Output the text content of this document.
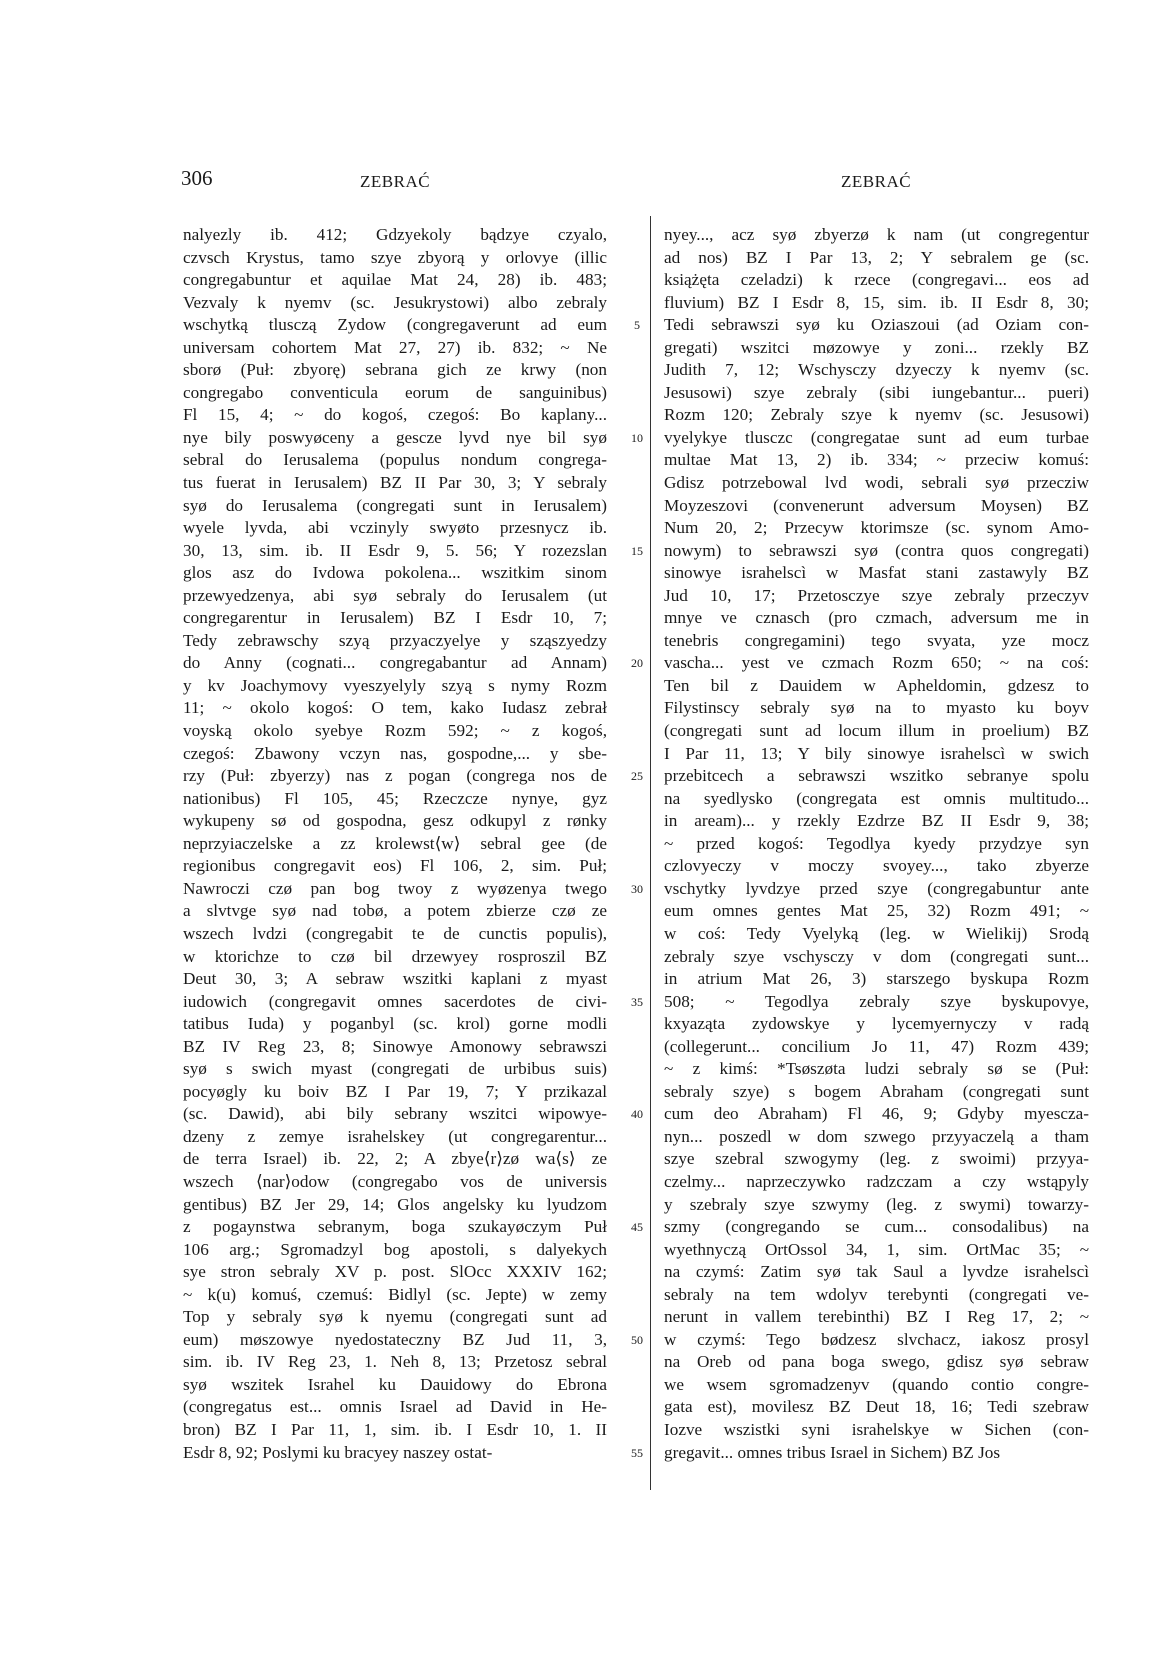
306	ZEBRAĆ	ZEBRAĆ
nalyezly ib. 412; Gdzyekoly bądzye czyalo,
czvsch Krystus, tamo szye zbyorą y orlovye (illic
congregabuntur et aquilae Mat 24, 28) ib. 483;
Vezvaly k nyemv (sc. Jesukrystowi) albo zebraly
wschytką tlusczą Zydow (congregaverunt ad eum
universam cohortem Mat 27, 27) ib. 832; ~ Ne
sborø (Puł: zbyorę) sebrana gich ze krwy (non
congregabo conventicula eorum de sanguinibus)
Fl 15, 4; ~ do kogoś, czegoś: Bo kaplany...
nye bily poswyøceny a gescze lyvd nye bil syø
sebral do Ierusalema (populus nondum congrega-
tus fuerat in Ierusalem) BZ II Par 30, 3; Y sebraly
syø do Ierusalema (congregati sunt in Ierusalem)
wyele lyvda, abi vczinyly swyøto przesnycz ib.
30, 13, sim. ib. II Esdr 9, 5. 56; Y rozezslan
glos asz do Ivdowa pokolena... wszitkim sinom
przewyedzenya, abi syø sebraly do Ierusalem (ut
congregarentur in Ierusalem) BZ I Esdr 10, 7;
Tedy zebrawschy szyą przyaczyelye y sząszyedzy
do Anny (cognati... congregabantur ad Annam)
y kv Joachymovy vyeszyelyly szyą s nymy Rozm
11; ~ okolo kogoś: O tem, kako Iudasz zebrał
voyską okolo syebye Rozm 592; ~ z kogoś,
czegoś: Zbawony vczyn nas, gospodne,... y sbe-
rzy (Puł: zbyerzy) nas z pogan (congrega nos de
nationibus) Fl 105, 45; Rzeczcze nynye, gyz
wykupeny sø od gospodna, gesz odkupyl z rønky
neprzyiaczelske a zz krolewst⟨w⟩ sebral gee (de
regionibus congregavit eos) Fl 106, 2, sim. Puł;
Nawroczi czø pan bog twoy z wyøzenya twego
a slvtvge syø nad tobø, a potem zbierze czø ze
wszech lvdzi (congregabit te de cunctis populis),
w ktorichze to czø bil drzewyey rosproszil BZ
Deut 30, 3; A sebraw wszitki kaplani z myast
iudowich (congregavit omnes sacerdotes de civi-
tatibus Iuda) y poganbyl (sc. krol) gorne modli
BZ IV Reg 23, 8; Sinowye Amonowy sebrawszi
syø s swich myast (congregati de urbibus suis)
pocyøgly ku boiv BZ I Par 19, 7; Y przikazal
(sc. Dawid), abi bily sebrany wszitci wipowye-
dzeny z zemye israhelskey (ut congregarentur...
de terra Israel) ib. 22, 2; A zbye⟨r⟩zø wa⟨s⟩ ze
wszech ⟨nar⟩odow (congregabo vos de universis
gentibus) BZ Jer 29, 14; Glos angelsky ku lyudzom
z pogaynstwa sebranym, boga szukayøczym Puł
106 arg.; Sgromadzyl bog apostoli, s dalyekych
sye stron sebraly XV p. post. SlOcc XXXIV 162;
~ k(u) komuś, czemuś: Bidlyl (sc. Jepte) w zemy
Top y sebraly syø k nyemu (congregati sunt ad
eum) møszowye nyedostateczny BZ Jud 11, 3,
sim. ib. IV Reg 23, 1. Neh 8, 13; Przetosz sebral
syø wszitek Israhel ku Dauidowy do Ebrona
(congregatus est... omnis Israel ad David in He-
bron) BZ I Par 11, 1, sim. ib. I Esdr 10, 1. II
Esdr 8, 92; Poslymi ku bracyey naszey ostat-
5
10
15
20
25
30
35
40
45
50
55
nyey..., acz syø zbyerzø k nam (ut congregentur
ad nos) BZ I Par 13, 2; Y sebralem ge (sc.
książęta czeladzi) k rzece (congregavi... eos ad
fluvium) BZ I Esdr 8, 15, sim. ib. II Esdr 8, 30;
Tedi sebrawszi syø ku Oziaszoui (ad Oziam con-
gregati) wszitci møzowye y zoni... rzekly BZ
Judith 7, 12; Wschysczy dzyeczy k nyemv (sc.
Jesusowi) szye zebraly (sibi iungebantur... pueri)
Rozm 120; Zebraly szye k nyemv (sc. Jesusowi)
vyelykye tlusczc (congregatae sunt ad eum turbae
multae Mat 13, 2) ib. 334; ~ przeciw komuś:
Gdisz potrzebowal lvd wodi, sebrali syø przecziw
Moyzeszovi (convenerunt adversum Moysen) BZ
Num 20, 2; Przecyw ktorimsze (sc. synom Amo-
nowym) to sebrawszi syø (contra quos congregati)
sinowye israhelscì w Masfat stani zastawyly BZ
Jud 10, 17; Przetosczye szye zebraly przeczyv
mnye ve cznasch (pro czmach, adversum me in
tenebris congregamini) tego svyata, yze mocz
vascha... yest ve czmach Rozm 650; ~ na coś:
Ten bil z Dauidem w Apheldomin, gdzesz to
Filystinscy sebraly syø na to myasto ku boyv
(congregati sunt ad locum illum in proelium) BZ
I Par 11, 13; Y bily sinowye israhelscì w swich
przebitcech a sebrawszi wszitko sebranye spolu
na syedlysko (congregata est omnis multitudo...
in aream)... y rzekly Ezdrze BZ II Esdr 9, 38;
~ przed kogoś: Tegodlya kyedy przydzye syn
czlovyeczy v moczy svoyey..., tako zbyerze
vschytky lyvdzye przed szye (congregabuntur ante
eum omnes gentes Mat 25, 32) Rozm 491; ~
w coś: Tedy Vyelyką (leg. w Wielikij) Srodą
zebraly szye vschysczy v dom (congregati sunt...
in atrium Mat 26, 3) starszego byskupa Rozm
508; ~ Tegodlya zebraly szye byskupovye,
kxyaząta zydowskye y lycemyernyczy v radą
(collegerunt... concilium Jo 11, 47) Rozm 439;
~ z kimś: *Tsøszøta ludzi sebraly sø se (Puł:
sebraly szye) s bogem Abraham (congregati sunt
cum deo Abraham) Fl 46, 9; Gdyby myescza-
nyn... poszedl w dom szwego przyyaczelą a tham
szye szebral szwogymy (leg. z swoimi) przyya-
czelmy... naprzeczywko radzczam a czy wstąpyly
y szebraly szye szwymy (leg. z swymi) towarzy-
szmy (congregando se cum... consodalibus) na
wyethnyczą OrtOssol 34, 1, sim. OrtMac 35; ~
na czymś: Zatim syø tak Saul a lyvdze israhelscì
sebraly na tem wdolyv terebynti (congregati ve-
nerunt in vallem terebinthi) BZ I Reg 17, 2; ~
w czymś: Tego bødzesz slvchacz, iakosz prosyl
na Oreb od pana boga swego, gdisz syø sebraw
we wsem sgromadzenyv (quando contio congre-
gata est), movilesz BZ Deut 18, 16; Tedi szebraw
Iozve wszistki syni israhelskye w Sichen (con-
gregavit... omnes tribus Israel in Sichem) BZ Jos
